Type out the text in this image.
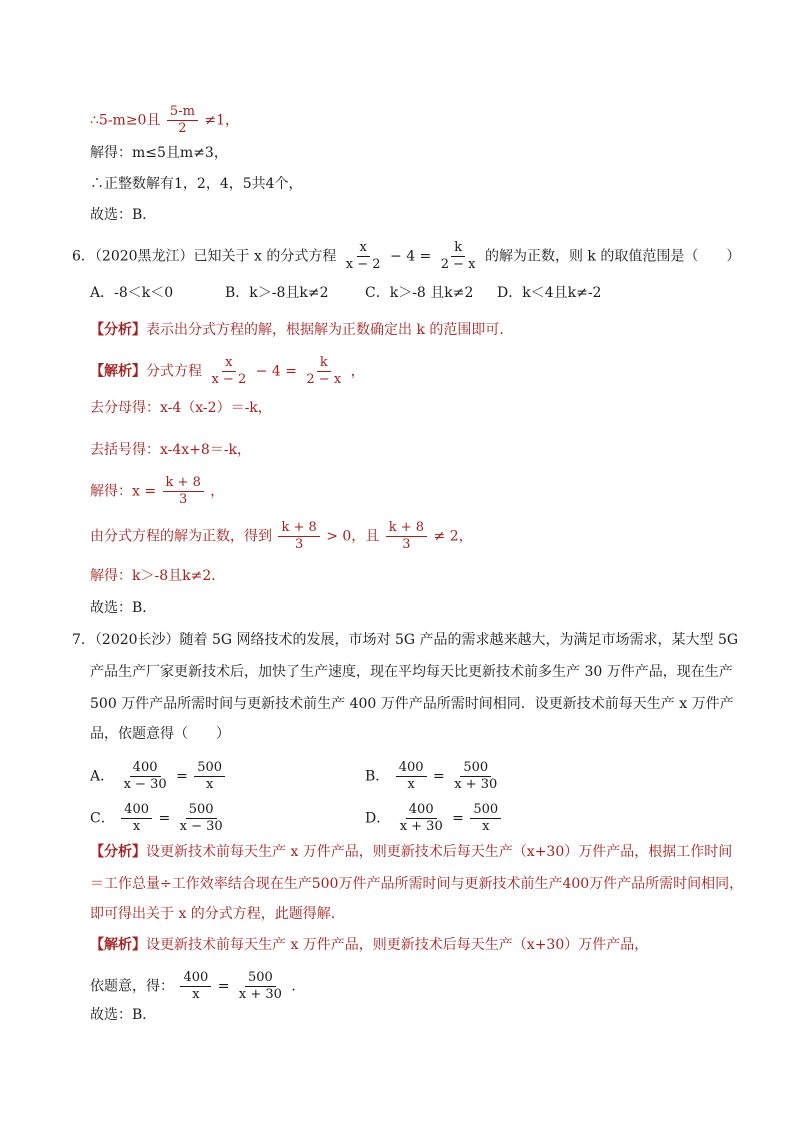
∴5-m≥0且 $\frac{5-m}{2} \ne 1$，
解得：m≤5且m≠3，
∴正整数解有1，2，4，5共4个，
故选：B．
6．（2020黑龙江）已知关于 x 的分式方程 $\frac{x}{x - 2} - 4 = \frac{k}{2 - x}$ 的解为正数，则 k 的取值范围是（　　）
A．-8＜k＜0	B．k＞-8且k≠2	C．k＞-8 且k≠2 D．k＜4且k≠-2
【分析】表示出分式方程的解，根据解为正数确定出 k 的范围即可．
【解析】分式方程 $\frac{x}{x - 2} - 4 = \frac{k}{2 - x}$ ，
去分母得：x-4（x-2）＝-k，
去括号得：x-4x+8＝-k，
解得：$x = \frac{k + 8}{3}$ ，
由分式方程的解为正数，得到 $\frac{k + 8}{3} > 0$，且 $\frac{k + 8}{3} \ne 2$，
解得：k＞-8且k≠2．
故选：B．
7．（2020长沙）随着 5G 网络技术的发展，市场对 5G 产品的需求越来越大，为满足市场需求，某大型 5G
产品生产厂家更新技术后，加快了生产速度，现在平均每天比更新技术前多生产 30 万件产品，现在生产
500 万件产品所需时间与更新技术前生产 400 万件产品所需时间相同．设更新技术前每天生产 x 万件产
品，依题意得（　　）
A． $\frac{400}{x - 30} = \frac{500}{x}$	B． $\frac{400}{x} = \frac{500}{x + 30}$
C． $\frac{400}{x} = \frac{500}{x - 30}$	D． $\frac{400}{x + 30} = \frac{500}{x}$
【分析】设更新技术前每天生产 x 万件产品，则更新技术后每天生产（x+30）万件产品，根据工作时间
＝工作总量÷工作效率结合现在生产500万件产品所需时间与更新技术前生产400万件产品所需时间相同，
即可得出关于 x 的分式方程，此题得解．
【解析】设更新技术前每天生产 x 万件产品，则更新技术后每天生产（x+30）万件产品，
依题意，得： $\frac{400}{x} = \frac{500}{x + 30}$ ．
故选：B．
